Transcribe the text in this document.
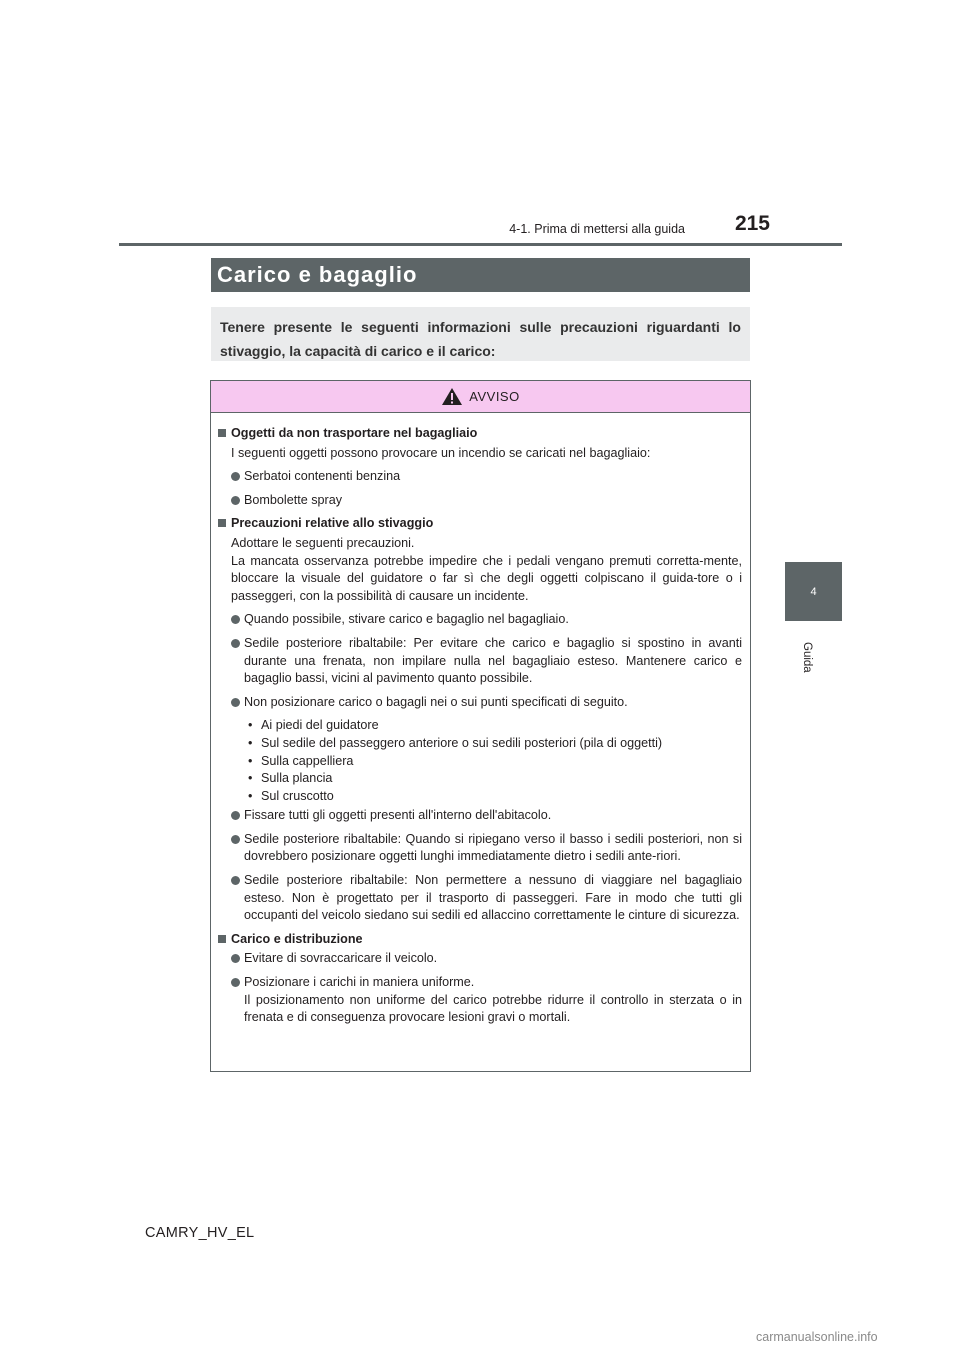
4-1. Prima di mettersi alla guida	215
4
Guida
Carico e bagaglio
Tenere presente le seguenti informazioni sulle precauzioni riguardanti lo stivaggio, la capacità di carico e il carico:
AVVISO

Oggetti da non trasportare nel bagagliaio

I seguenti oggetti possono provocare un incendio se caricati nel bagagliaio:

Serbatoi contenenti benzina

Bombolette spray

Precauzioni relative allo stivaggio

Adottare le seguenti precauzioni.

La mancata osservanza potrebbe impedire che i pedali vengano premuti corretta-mente, bloccare la visuale del guidatore o far sì che degli oggetti colpiscano il guida-tore o i passeggeri, con la possibilità di causare un incidente.

Quando possibile, stivare carico e bagaglio nel bagagliaio.

Sedile posteriore ribaltabile: Per evitare che carico e bagaglio si spostino in avanti durante una frenata, non impilare nulla nel bagagliaio esteso. Mantenere carico e bagaglio bassi, vicini al pavimento quanto possibile.

Non posizionare carico o bagagli nei o sui punti specificati di seguito.

• Ai piedi del guidatore

• Sul sedile del passeggero anteriore o sui sedili posteriori (pila di oggetti)

• Sulla cappelliera

• Sulla plancia

• Sul cruscotto

Fissare tutti gli oggetti presenti all'interno dell'abitacolo.

Sedile posteriore ribaltabile: Quando si ripiegano verso il basso i sedili posteriori, non si dovrebbero posizionare oggetti lunghi immediatamente dietro i sedili ante-riori.

Sedile posteriore ribaltabile: Non permettere a nessuno di viaggiare nel bagagliaio esteso. Non è progettato per il trasporto di passeggeri. Fare in modo che tutti gli occupanti del veicolo siedano sui sedili ed allaccino correttamente le cinture di sicurezza.

Carico e distribuzione

Evitare di sovraccaricare il veicolo.

Posizionare i carichi in maniera uniforme.
Il posizionamento non uniforme del carico potrebbe ridurre il controllo in sterzata o in frenata e di conseguenza provocare lesioni gravi o mortali.

CAMRY_HV_EL
carmanualsonline.info
